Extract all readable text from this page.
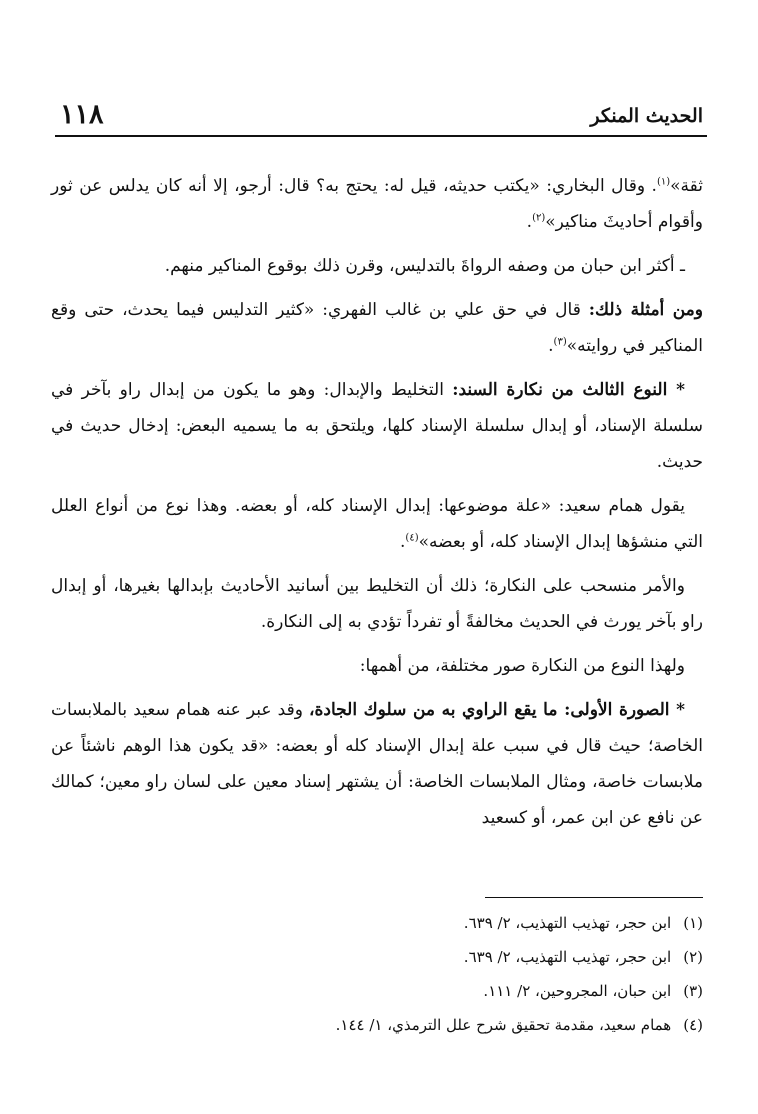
١١٨	الحديث المنكر

ثقة»$^{(١)}$. وقال البخاري: «يكتب حديثه، قيل له: يحتج به؟ قال: أرجو، إلا أنه كان يدلس عن ثور وأقوام أحاديثَ مناكير»$^{(٢)}$.

ـ أكثر ابن حبان من وصفه الرواةَ بالتدليس، وقرن ذلك بوقوع المناكير منهم.

ومن أمثلة ذلك: قال في حق علي بن غالب الفهري: «كثير التدليس فيما يحدث، حتى وقع المناكير في روايته»$^{(٣)}$.

* النوع الثالث من نكارة السند: التخليط والإبدال: وهو ما يكون من إبدال راو بآخر في سلسلة الإسناد، أو إبدال سلسلة الإسناد كلها، ويلتحق به ما يسميه البعض: إدخال حديث في حديث.

يقول همام سعيد: «علة موضوعها: إبدال الإسناد كله، أو بعضه. وهذا نوع من أنواع العلل التي منشؤها إبدال الإسناد كله، أو بعضه»$^{(٤)}$.

والأمر منسحب على النكارة؛ ذلك أن التخليط بين أسانيد الأحاديث بإبدالها بغيرها، أو إبدال راو بآخر يورث في الحديث مخالفةً أو تفرداً تؤدي به إلى النكارة.

ولهذا النوع من النكارة صور مختلفة، من أهمها:

* الصورة الأولى: ما يقع الراوي به من سلوك الجادة، وقد عبر عنه همام سعيد بالملابسات الخاصة؛ حيث قال في سبب علة إبدال الإسناد كله أو بعضه: «قد يكون هذا الوهم ناشئاً عن ملابسات خاصة، ومثال الملابسات الخاصة: أن يشتهر إسناد معين على لسان راو معين؛ كمالك عن نافع عن ابن عمر، أو كسعيد

(١)ابن حجر، تهذيب التهذيب، ٢/ ٦٣٩.
(٢)ابن حجر، تهذيب التهذيب، ٢/ ٦٣٩.
(٣)ابن حبان، المجروحين، ٢/ ١١١.
(٤)همام سعيد، مقدمة تحقيق شرح علل الترمذي، ١/ ١٤٤.
